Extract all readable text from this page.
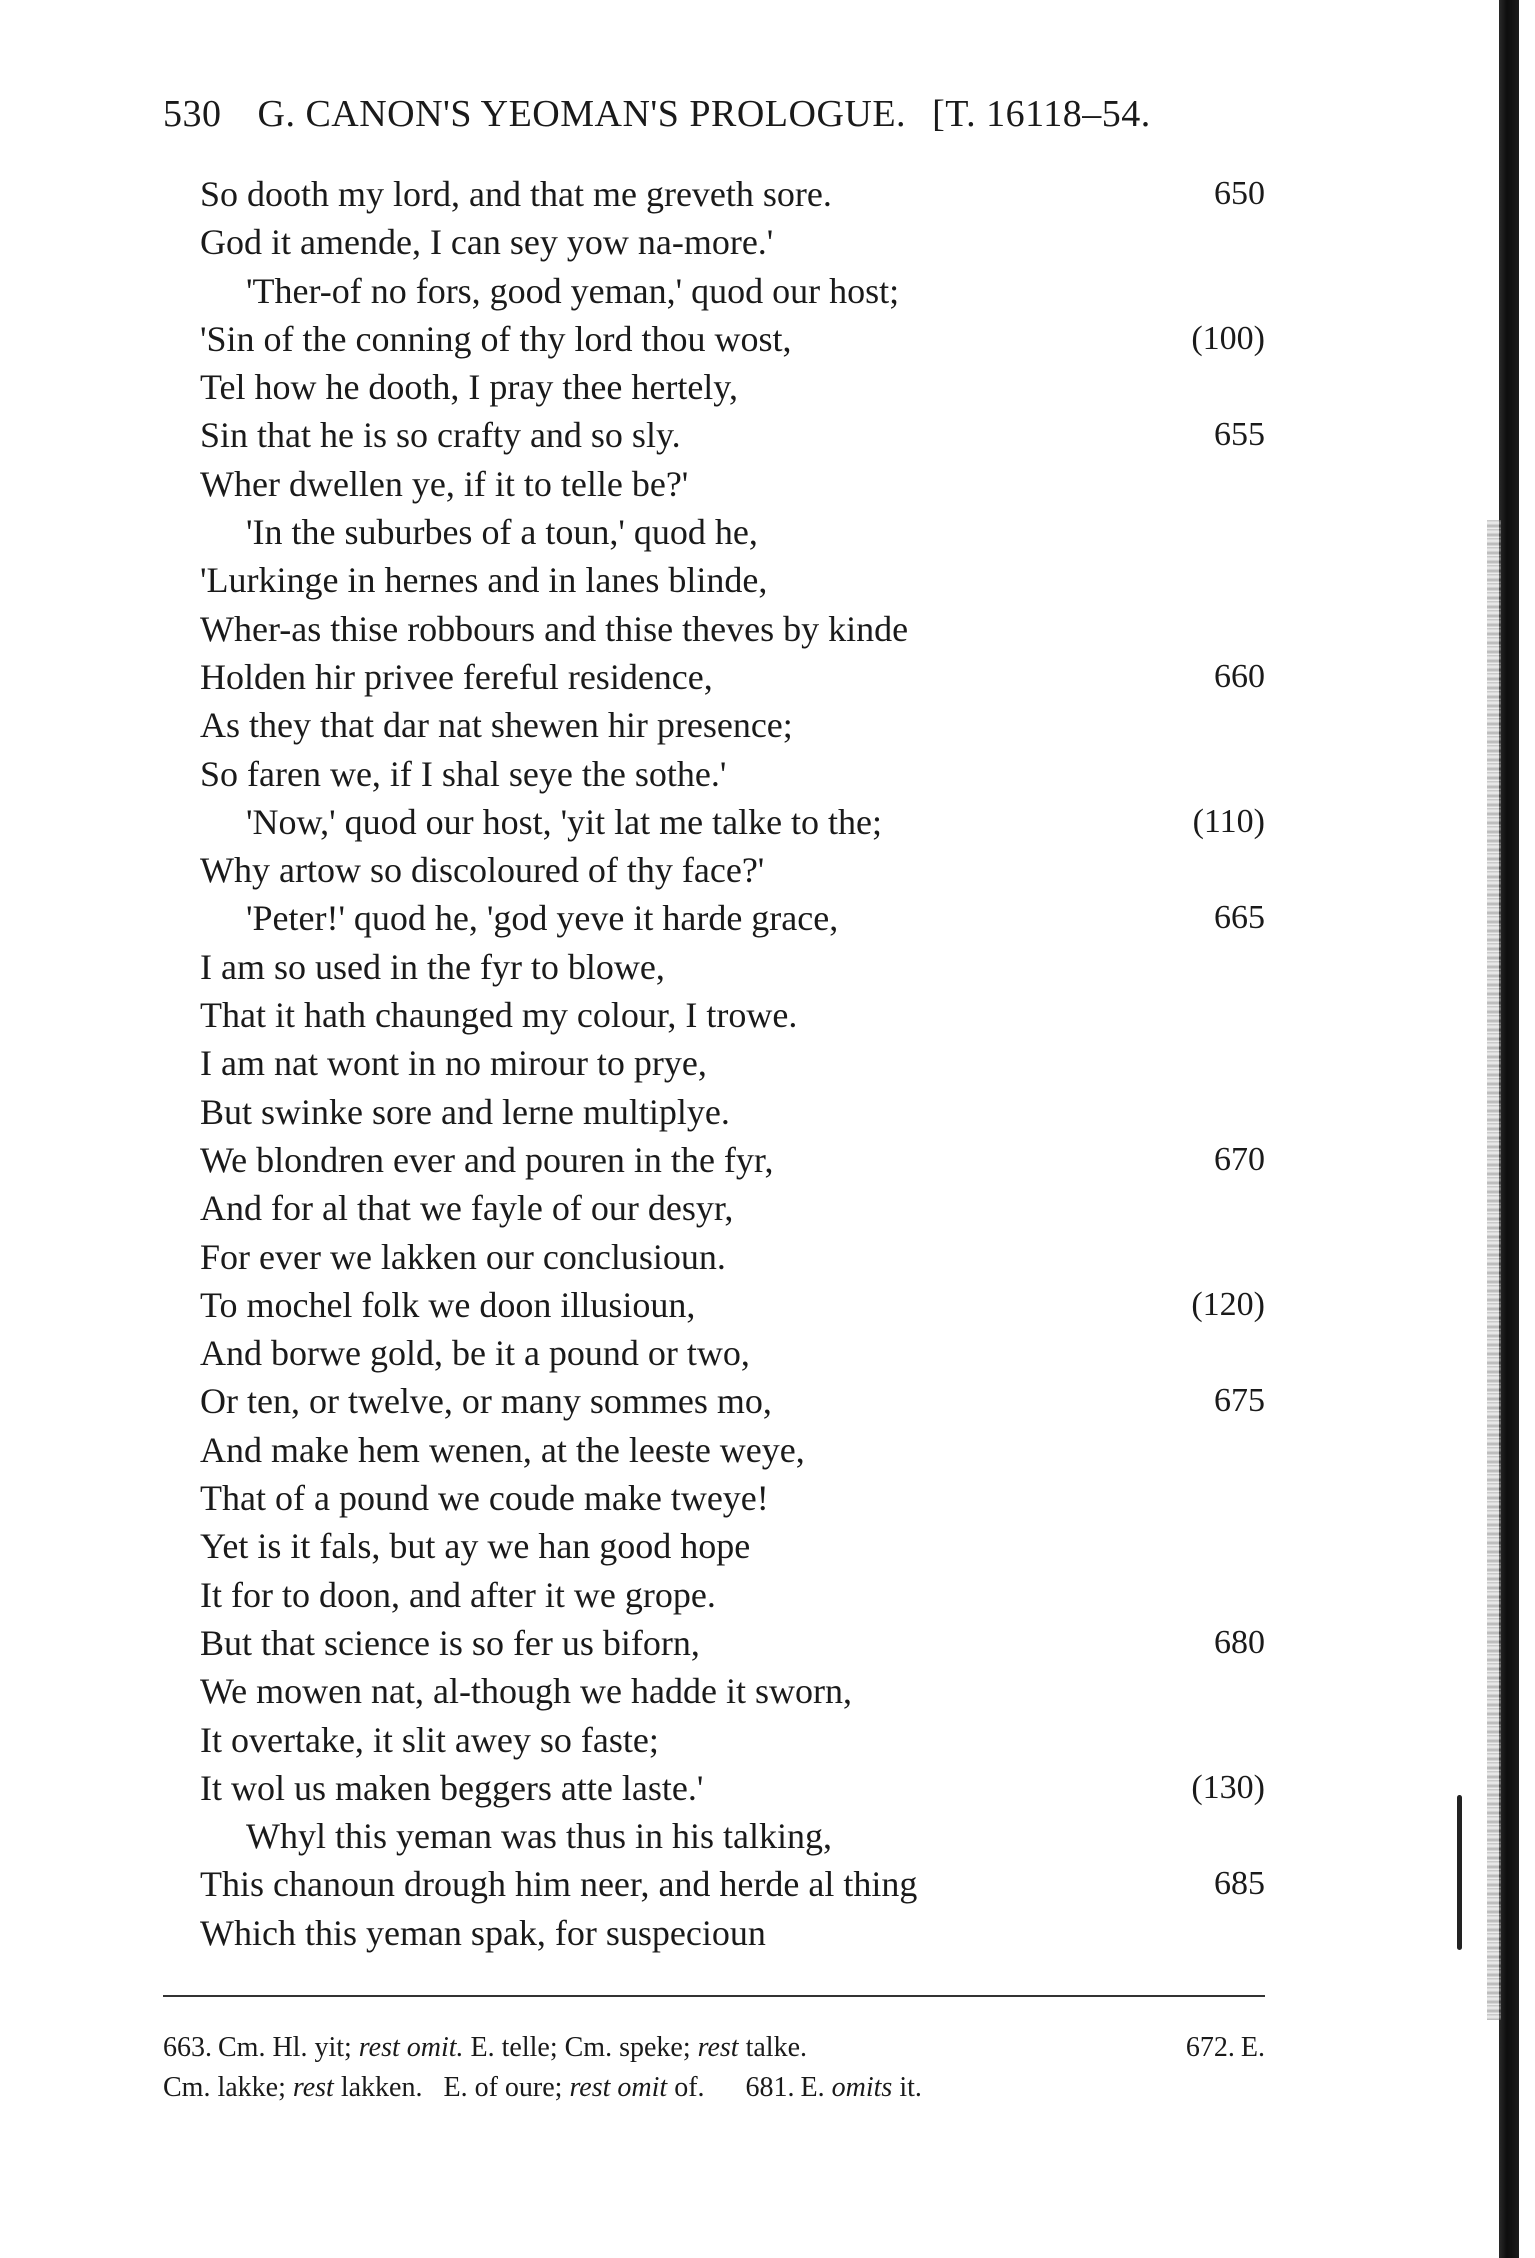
530 G. CANON'S YEOMAN'S PROLOGUE. [T. 16118–54.
So dooth my lord, and that me greveth sore.	650
God it amende, I can sey yow na-more.'
'Ther-of no fors, good yeman,' quod our host;
'Sin of the conning of thy lord thou wost,	(100)
Tel how he dooth, I pray thee hertely,
Sin that he is so crafty and so sly.	655
Wher dwellen ye, if it to telle be?'
'In the suburbes of a toun,' quod he,
'Lurkinge in hernes and in lanes blinde,
Wher-as thise robbours and thise theves by kinde
Holden hir privee fereful residence,	660
As they that dar nat shewen hir presence;
So faren we, if I shal seye the sothe.'
'Now,' quod our host, 'yit lat me talke to the;	(110)
Why artow so discoloured of thy face?'
'Peter!' quod he, 'god yeve it harde grace,	665
I am so used in the fyr to blowe,
That it hath chaunged my colour, I trowe.
I am nat wont in no mirour to prye,
But swinke sore and lerne multiplye.
We blondren ever and pouren in the fyr,	670
And for al that we fayle of our desyr,
For ever we lakken our conclusioun.
To mochel folk we doon illusioun,	(120)
And borwe gold, be it a pound or two,
Or ten, or twelve, or many sommes mo,	675
And make hem wenen, at the leeste weye,
That of a pound we coude make tweye!
Yet is it fals, but ay we han good hope
It for to doon, and after it we grope.
But that science is so fer us biforn,	680
We mowen nat, al-though we hadde it sworn,
It overtake, it slit awey so faste;
It wol us maken beggers atte laste.'	(130)
Whyl this yeman was thus in his talking,
This chanoun drough him neer, and herde al thing	685
Which this yeman spak, for suspecioun
663. Cm. Hl. yit; rest omit. E. telle; Cm. speke; rest talke.	672. E.
Cm. lakke; rest lakken. E. of oure; rest omit of. 681. E. omits it.
